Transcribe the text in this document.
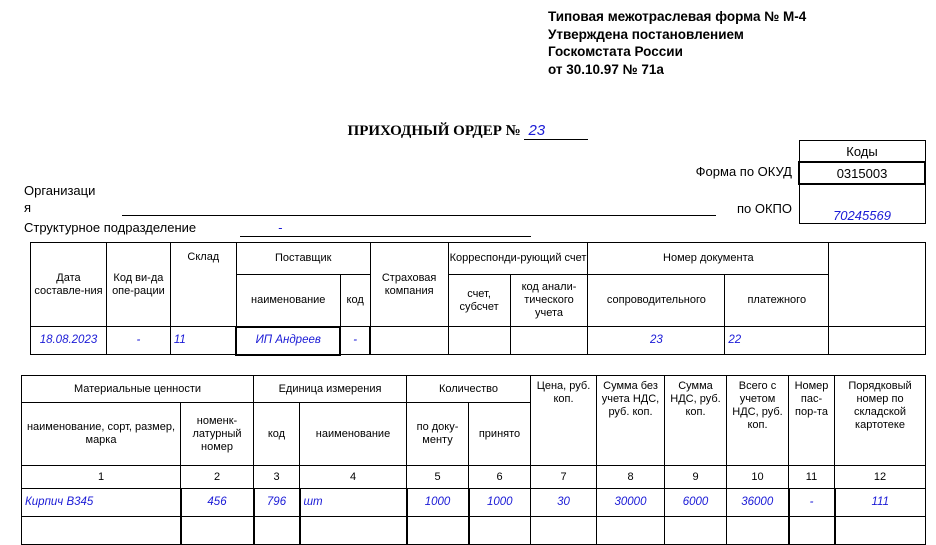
Типовая межотраслевая форма № М-4
Утверждена постановлением
Госкомстата России
от 30.10.97 № 71а
ПРИХОДНЫЙ ОРДЕР № 23
Коды
0315003
70245569
Форма по ОКУД
по ОКПО
Организаци
я
Структурное подразделение	-
Дата составле-ния	Код ви-да опе-рации	Склад	Поставщик		Страховая компания	Корреспонди-рующий счет		Номер документа		
			наименование	код		счет, субсчет	код анали-тического учета	сопроводительного	платежного	
18.08.2023	-	11	ИП Андреев	-				23	22	
Материальные ценности		Единица измерения		Количество		Цена, руб. коп.	Сумма без учета НДС, руб. коп.	Сумма НДС, руб. коп.	Всего с учетом НДС, руб. коп.	Номер пас-пор-та	Порядковый номер по складской картотеке
наименование, сорт, размер, марка	номенк-латурный номер	код	наименование	по доку-менту	принято						
1	2	3	4	5	6	7	8	9	10	11	12
Кирпич В345	456	796	шт	1000	1000	30	30000	6000	36000	-	111
